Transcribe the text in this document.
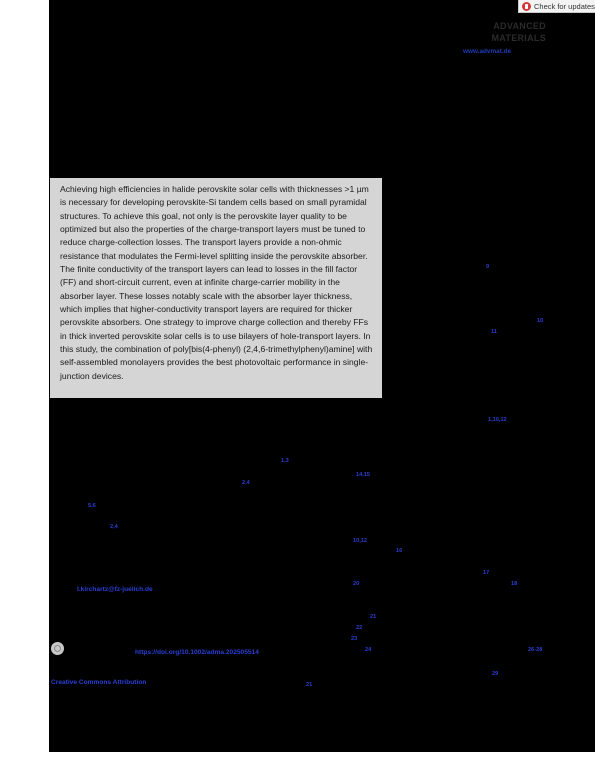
Check for updates
ADVANCED
MATERIALS
www.advmat.de

Achieving high efficiencies in halide perovskite solar cells with thicknesses >1 µm is necessary for developing perovskite-Si tandem cells based on small pyramidal structures. To achieve this goal, not only is the perovskite layer quality to be optimized but also the properties of the charge-transport layers must be tuned to reduce charge-collection losses. The transport layers provide a non-ohmic resistance that modulates the Fermi-level splitting inside the perovskite absorber. The finite conductivity of the transport layers can lead to losses in the fill factor (FF) and short-circuit current, even at infinite charge-carrier mobility in the absorber layer. These losses notably scale with the absorber layer thickness, which implies that higher-conductivity transport layers are required for thicker perovskite absorbers. One strategy to improve charge collection and thereby FFs in thick inverted perovskite solar cells is to use bilayers of hole-transport layers. In this study, the combination of poly[bis(4-phenyl) (2,4,6-trimethylphenyl)amine] with self-assembled monolayers provides the best photovoltaic performance in single-junction devices.

9
10
11
1,10,12
1,3
14,15
2,4
5,6
2,4
10,12
16
17
18
20
21
22
23
24	26-28
29
21
l.kirchartz@fz-juelich.de
https://doi.org/10.1002/adma.202505514
Creative Commons Attribution
